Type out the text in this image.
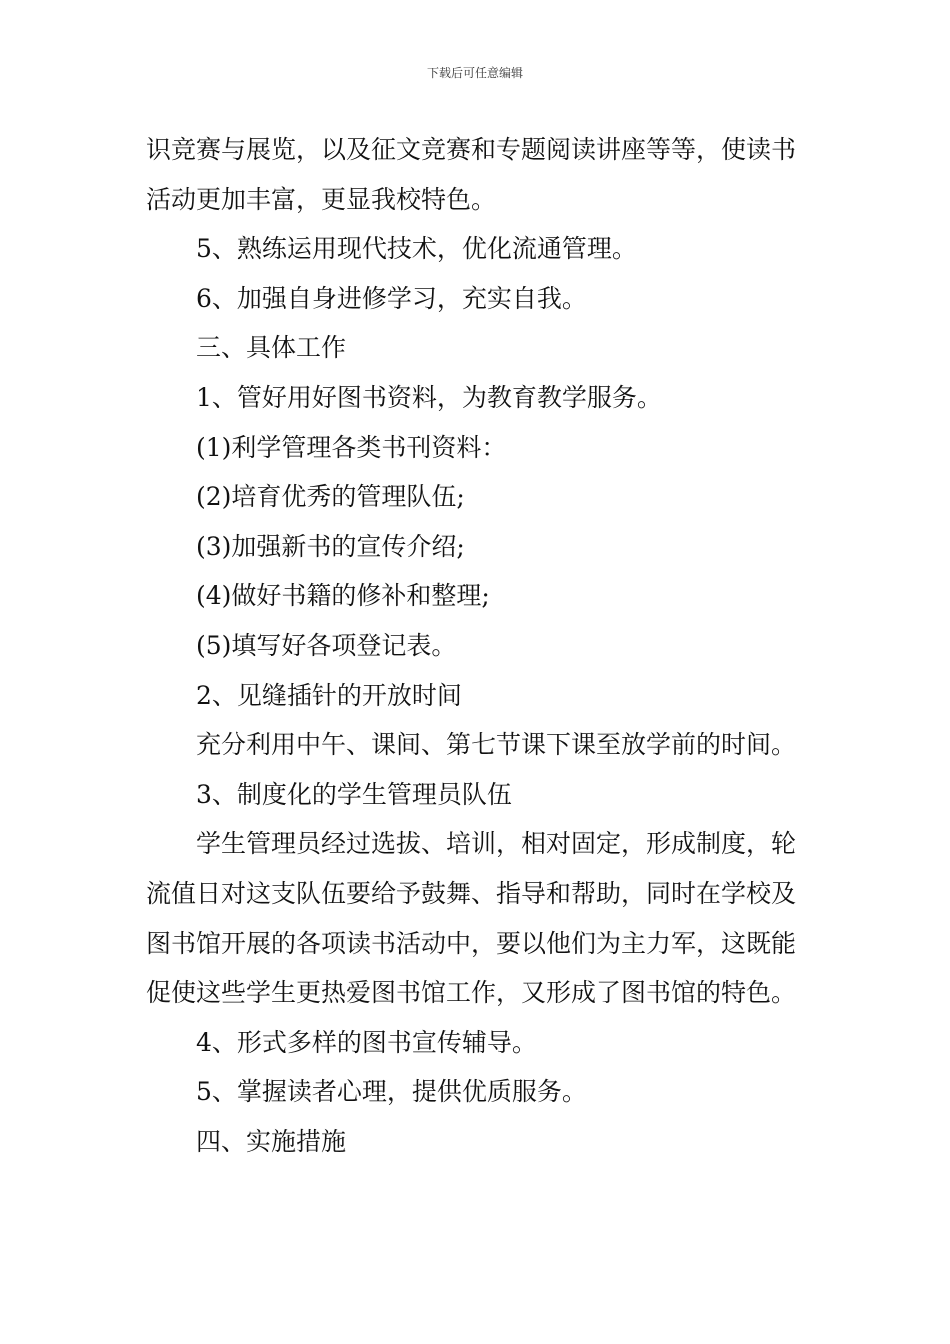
下载后可任意编辑

识竞赛与展览，以及征文竞赛和专题阅读讲座等等，使读书活动更加丰富，更显我校特色。

5、熟练运用现代技术，优化流通管理。

6、加强自身进修学习，充实自我。

三、具体工作

1、管好用好图书资料，为教育教学服务。

(1)利学管理各类书刊资料：

(2)培育优秀的管理队伍;

(3)加强新书的宣传介绍;

(4)做好书籍的修补和整理;

(5)填写好各项登记表。

2、见缝插针的开放时间

充分利用中午、课间、第七节课下课至放学前的时间。

3、制度化的学生管理员队伍

学生管理员经过选拔、培训，相对固定，形成制度，轮流值日对这支队伍要给予鼓舞、指导和帮助，同时在学校及图书馆开展的各项读书活动中，要以他们为主力军，这既能促使这些学生更热爱图书馆工作，又形成了图书馆的特色。

4、形式多样的图书宣传辅导。

5、掌握读者心理，提供优质服务。

四、实施措施
